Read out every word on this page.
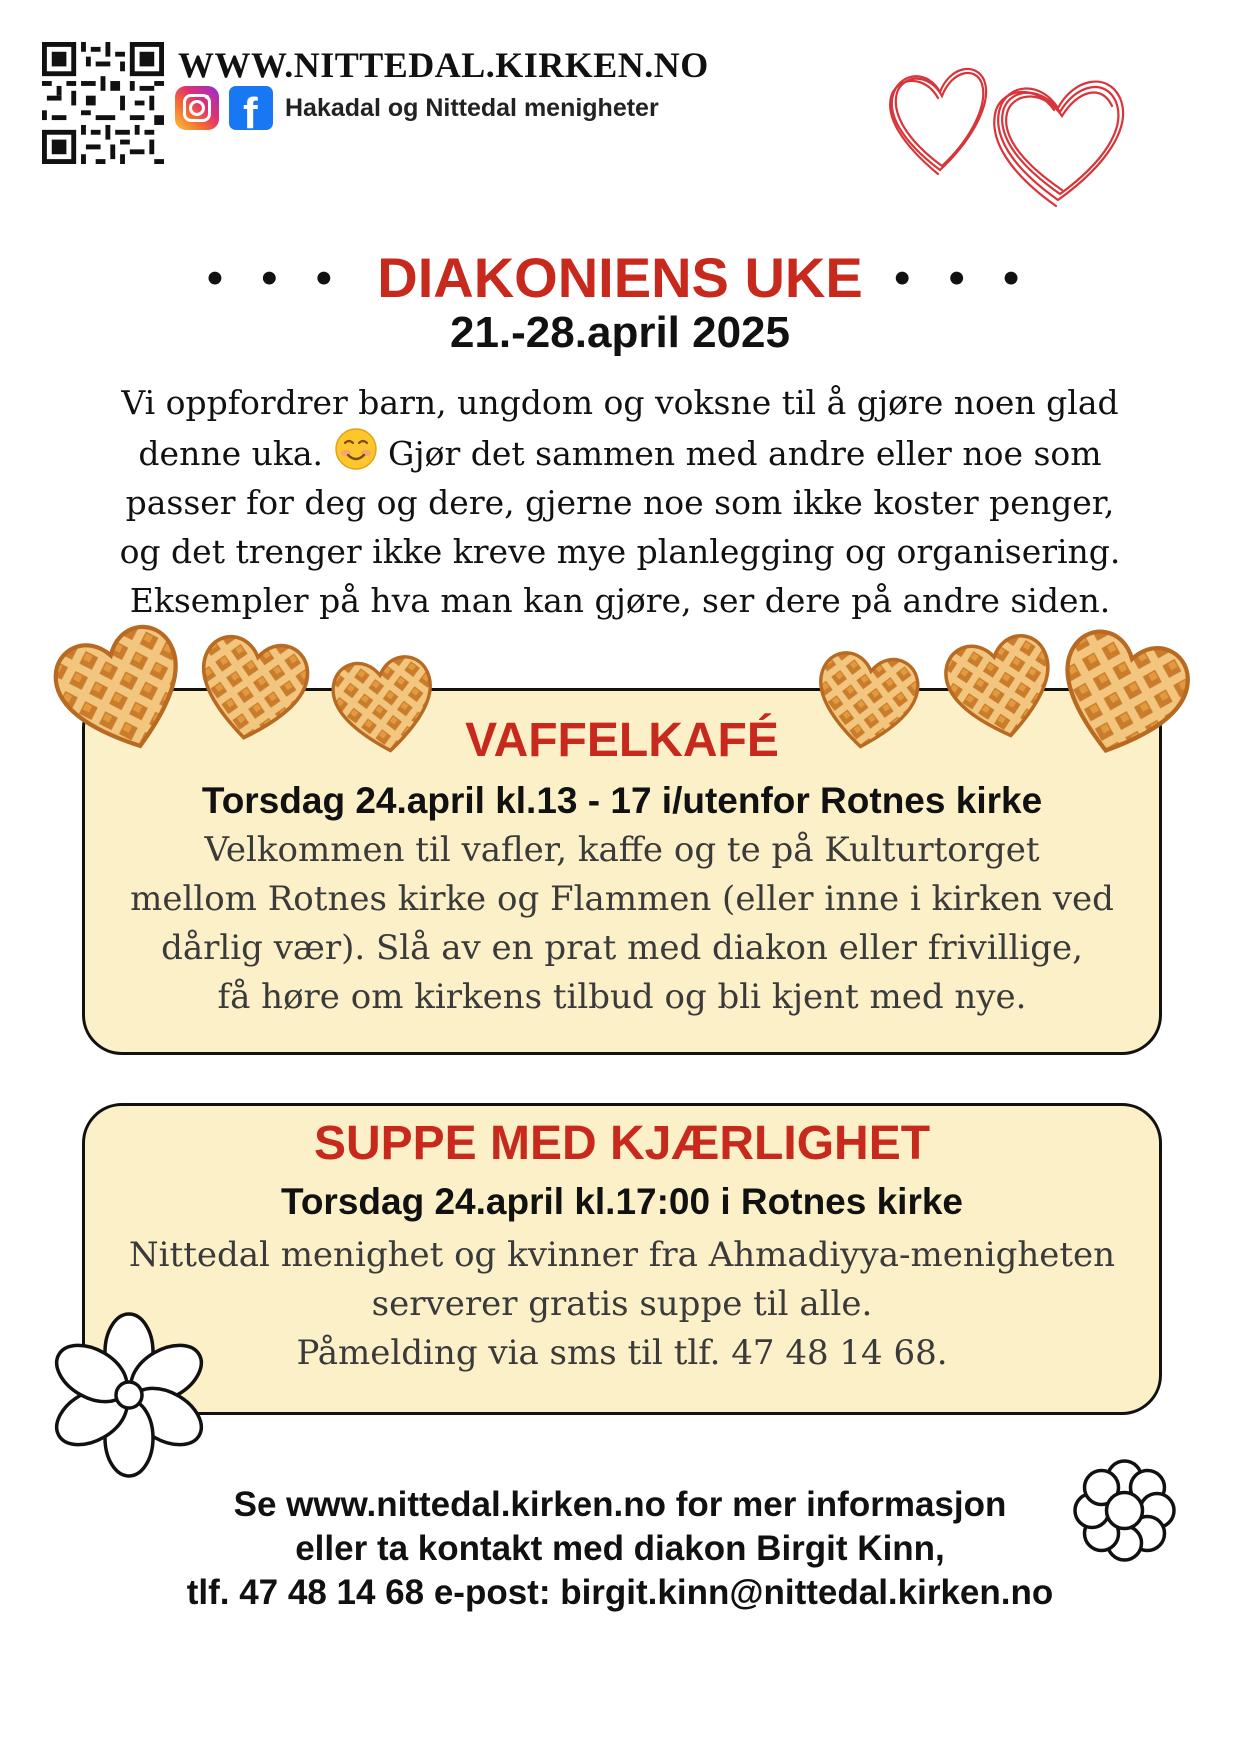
WWW.NITTEDAL.KIRKEN.NO
f Hakadal og Nittedal menigheter
● ● ● DIAKONIENS UKE ● ● ●
21.-28.april 2025
Vi oppfordrer barn, ungdom og voksne til å gjøre noen glad
denne uka. Gjør det sammen med andre eller noe som
passer for deg og dere, gjerne noe som ikke koster penger,
og det trenger ikke kreve mye planlegging og organisering.
Eksempler på hva man kan gjøre, ser dere på andre siden.
VAFFELKAFÉ
Torsdag 24.april kl.13 - 17 i/utenfor Rotnes kirke
Velkommen til vafler, kaffe og te på Kulturtorget
mellom Rotnes kirke og Flammen (eller inne i kirken ved
dårlig vær). Slå av en prat med diakon eller frivillige,
få høre om kirkens tilbud og bli kjent med nye.
SUPPE MED KJÆRLIGHET
Torsdag 24.april kl.17:00 i Rotnes kirke
Nittedal menighet og kvinner fra Ahmadiyya-menigheten
serverer gratis suppe til alle.
Påmelding via sms til tlf. 47 48 14 68.
Se www.nittedal.kirken.no for mer informasjon
eller ta kontakt med diakon Birgit Kinn,
tlf. 47 48 14 68 e-post: birgit.kinn@nittedal.kirken.no
